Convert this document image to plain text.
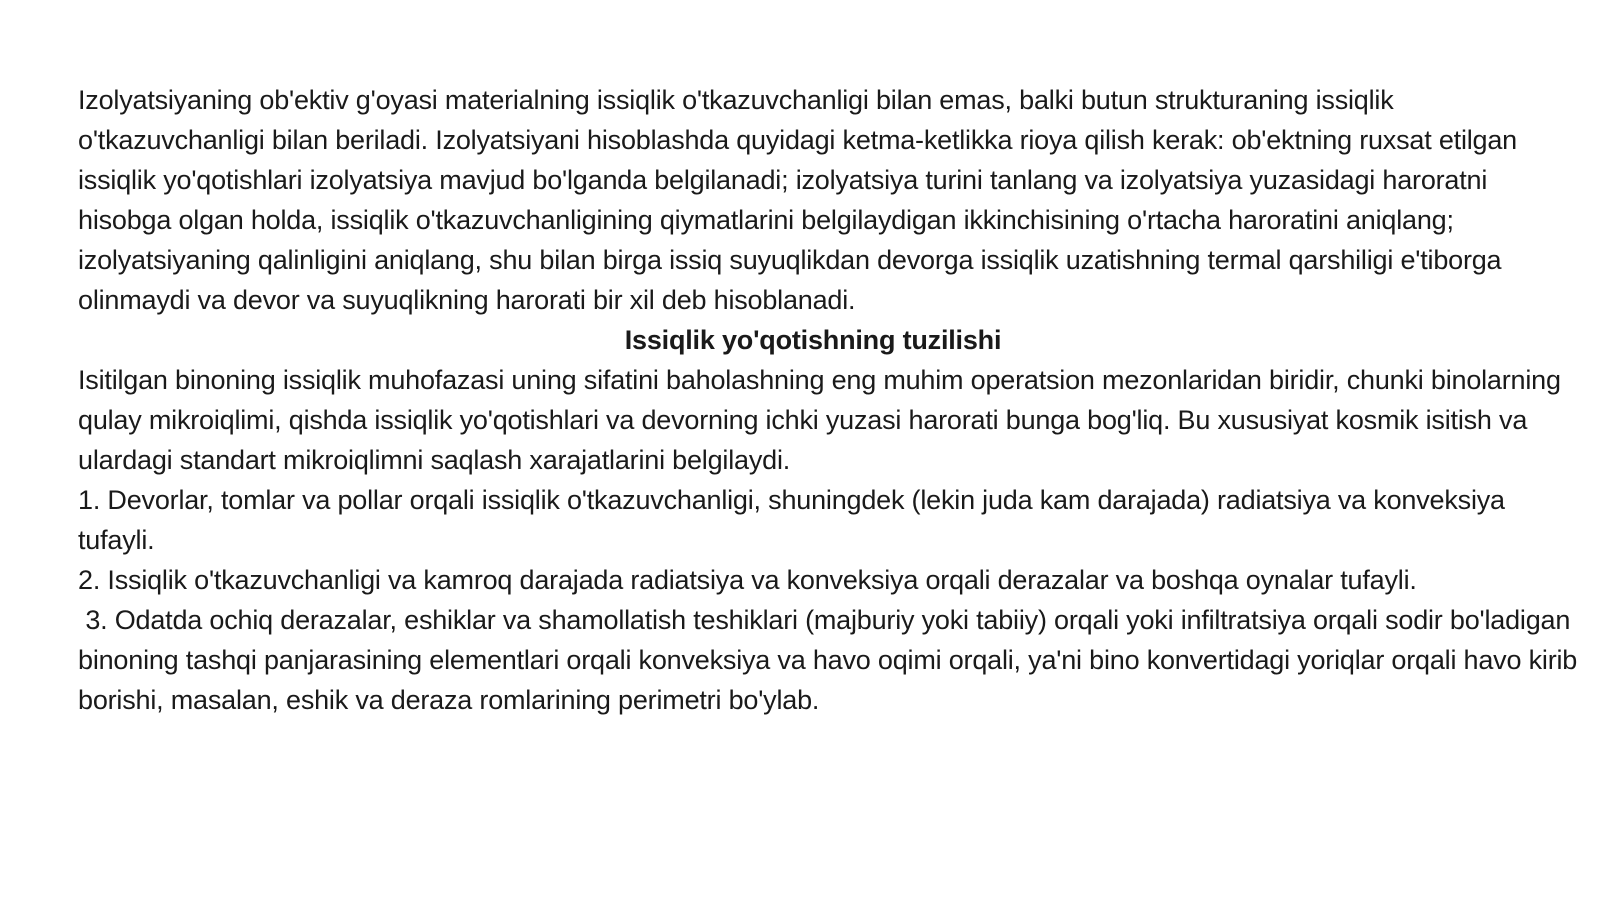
Izolyatsiyaning ob'ektiv g'oyasi materialning issiqlik o'tkazuvchanligi bilan emas, balki butun strukturaning issiqlik o'tkazuvchanligi bilan beriladi. Izolyatsiyani hisoblashda quyidagi ketma-ketlikka rioya qilish kerak: ob'ektning ruxsat etilgan issiqlik yo'qotishlari izolyatsiya mavjud bo'lganda belgilanadi; izolyatsiya turini tanlang va izolyatsiya yuzasidagi haroratni hisobga olgan holda, issiqlik o'tkazuvchanligining qiymatlarini belgilaydigan ikkinchisining o'rtacha haroratini aniqlang; izolyatsiyaning qalinligini aniqlang, shu bilan birga issiq suyuqlikdan devorga issiqlik uzatishning termal qarshiligi e'tiborga olinmaydi va devor va suyuqlikning harorati bir xil deb hisoblanadi.

Issiqlik yo'qotishning tuzilishi

Isitilgan binoning issiqlik muhofazasi uning sifatini baholashning eng muhim operatsion mezonlaridan biridir, chunki binolarning qulay mikroiqlimi, qishda issiqlik yo'qotishlari va devorning ichki yuzasi harorati bunga bog'liq. Bu xususiyat kosmik isitish va ulardagi standart mikroiqlimni saqlash xarajatlarini belgilaydi.

1. Devorlar, tomlar va pollar orqali issiqlik o'tkazuvchanligi, shuningdek (lekin juda kam darajada) radiatsiya va konveksiya tufayli.

2. Issiqlik o'tkazuvchanligi va kamroq darajada radiatsiya va konveksiya orqali derazalar va boshqa oynalar tufayli.

3. Odatda ochiq derazalar, eshiklar va shamollatish teshiklari (majburiy yoki tabiiy) orqali yoki infiltratsiya orqali sodir bo'ladigan binoning tashqi panjarasining elementlari orqali konveksiya va havo oqimi orqali, ya'ni bino konvertidagi yoriqlar orqali havo kirib borishi, masalan, eshik va deraza romlarining perimetri bo'ylab.
